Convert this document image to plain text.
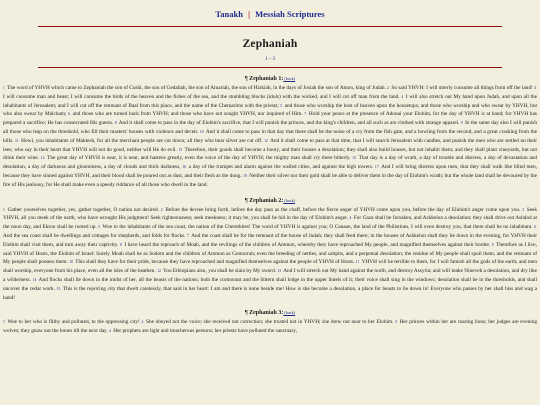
Tanakh | Messiah Scriptures
Zephaniah
1 – 3
¶ Zephaniah 1: (back)
1 The word of YHVH which came to Zephaniah the son of Cushi, the son of Gedaliah, the son of Amariah, the son of Hizkiah, in the days of Josiah the son of Amon, king of Judah. 2 So said YHVH: I will utterly consume all things from off the land! 3 I will consume man and beast; I will consume the birds of the heaven and the fishes of the sea, and the stumbling blocks (idols) with the wicked, and I will cut off man from the land. 4 I will also stretch out My hand upon Judah, and upon all the inhabitants of Jerusalem; and I will cut off the remnant of Baal from this place, and the name of the Chemarims with the priests; 5 and those who worship the host of heaven upon the housetops; and those who worship and who swear by YHVH, but who also swear by Malcham; 6 and those who are turned back from YHVH; and those who have not sought YHVH, nor inquired of Him. 7 Hold your peace at the presence of Adonai your Elohim, for the day of YHVH is at hand; for YHVH has prepared a sacrifice; He has consecrated His guests. 8 And it shall come to pass in the day of Elohim's sacrifice, that I will punish the princes, and the king's children, and all such as are clothed with strange apparel. 9 In the same day also I will punish all those who leap on the threshold, who fill their masters' houses with violence and deceit. 10 And it shall come to pass in that day that there shall be the noise of a cry from the fish gate, and a howling from the second, and a great crashing from the hills. 11 Howl, you inhabitants of Maktesh, for all the merchant people are cut down; all they who bear silver are cut off. 12 And it shall come to pass at that time, that I will search Jerusalem with candles, and punish the men who are settled on their lees; who say in their heart that YHVH will not do good, neither will He do evil. 13 Therefore, their goods shall become a booty, and their houses a desolation; they shall also build houses, but not inhabit them; and they shall plant vineyards, but not drink their wine. 14 The great day of YHVH is near, it is near, and hastens greatly, even the voice of the day of YHVH; the mighty man shall cry there bitterly. 15 That day is a day of wrath, a day of trouble and distress, a day of devastation and desolation, a day of darkness and gloominess, a day of clouds and thick darkness, 16 a day of the trumpet and alarm against the walled cities, and against the high towers. 17 And I will bring distress upon men, that they shall walk like blind men, because they have sinned against YHVH, and their blood shall be poured out as dust, and their flesh as the dung. 18 Neither their silver nor their gold shall be able to deliver them in the day of Elohim's wrath; but the whole land shall be devoured by the fire of His jealousy, for He shall make even a speedy riddance of all those who dwell in the land.
¶ Zephaniah 2: (back)
1 Gather yourselves together, yes, gather together, O nation not desired. 2 Before the decree bring forth, before the day pass as the chaff, before the fierce anger of YHVH come upon you, before the day of Elohim's anger come upon you. 3 Seek YHVH, all you meek of the earth, who have wrought His judgment! Seek righteousness; seek meekness; it may be, you shall be hid in the day of Elohim's anger. 4 For Gaza shall be forsaken, and Ashkelon a desolation; they shall drive out Ashdod at the noon day, and Ekron shall be rooted up. 5 Woe to the inhabitants of the sea coast, the nation of the Cherethites! The word of YHVH is against you; O Canaan, the land of the Philistines, I will even destroy you, that there shall be no inhabitant. 6 And the sea coast shall be dwellings and cottages for shepherds, and folds for flocks. 7 And the coast shall be for the remnant of the house of Judah; they shall feed there; in the houses of Ashkelon shall they lie down in the evening, for YHVH their Elohim shall visit them, and turn away their captivity. 8 I have heard the reproach of Moab, and the revilings of the children of Ammon, whereby they have reproached My people, and magnified themselves against their border. 9 Therefore as I live, said YHVH of Hosts, the Elohim of Israel: Surely Moab shall be as Sodom and the children of Ammon as Gomorrah; even the breeding of nettles, and saltpits, and a perpetual desolation; the residue of My people shall spoil them, and the remnant of My people shall possess them. 10 This shall they have for their pride, because they have reproached and magnified themselves against the people of YHVH of Hosts. 11 YHVH will be terrible to them, for I will famish all the gods of the earth; and men shall worship, everyone from his place, even all the isles of the heathen. 12 You Ethiopians also, you shall be slain by My sword. 13 And I will stretch out My hand against the north, and destroy Assyria; and will make Nineveh a desolation, and dry like a wilderness. 14 And flocks shall lie down in the midst of her, all the beasts of the nations; both the cormorant and the bittern shall lodge in the upper lintels of it; their voice shall sing in the windows; desolation shall be in the thresholds, and shall uncover the cedar work. 15 This is the rejoicing city that dwelt carelessly, that said in her heart: I am and there is none beside me! How is she become a desolation, a place for beasts to lie down in! Everyone who passes by her shall hiss and wag a hand!
¶ Zephaniah 3: (back)
1 Woe to her who is filthy and polluted, to the oppressing city! 2 She obeyed not the voice; she received not correction; she trusted not in YHVH; she drew not near to her Elohim. 3 Her princes within her are roaring lions; her judges are evening wolves; they gnaw not the bones till the next day. 4 Her prophets are light and treacherous persons; her priests have polluted the sanctuary,
